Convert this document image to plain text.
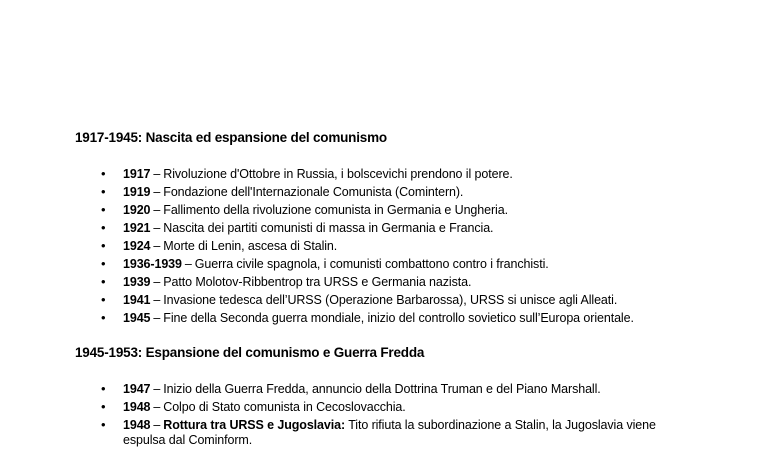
1917-1945: Nascita ed espansione del comunismo
• 1917 – Rivoluzione d'Ottobre in Russia, i bolscevichi prendono il potere.
• 1919 – Fondazione dell'Internazionale Comunista (Comintern).
• 1920 – Fallimento della rivoluzione comunista in Germania e Ungheria.
• 1921 – Nascita dei partiti comunisti di massa in Germania e Francia.
• 1924 – Morte di Lenin, ascesa di Stalin.
• 1936-1939 – Guerra civile spagnola, i comunisti combattono contro i franchisti.
• 1939 – Patto Molotov-Ribbentrop tra URSS e Germania nazista.
• 1941 – Invasione tedesca dell’URSS (Operazione Barbarossa), URSS si unisce agli Alleati.
• 1945 – Fine della Seconda guerra mondiale, inizio del controllo sovietico sull’Europa orientale.
1945-1953: Espansione del comunismo e Guerra Fredda
• 1947 – Inizio della Guerra Fredda, annuncio della Dottrina Truman e del Piano Marshall.
• 1948 – Colpo di Stato comunista in Cecoslovacchia.
• 1948 – Rottura tra URSS e Jugoslavia: Tito rifiuta la subordinazione a Stalin, la Jugoslavia viene
espulsa dal Cominform.
